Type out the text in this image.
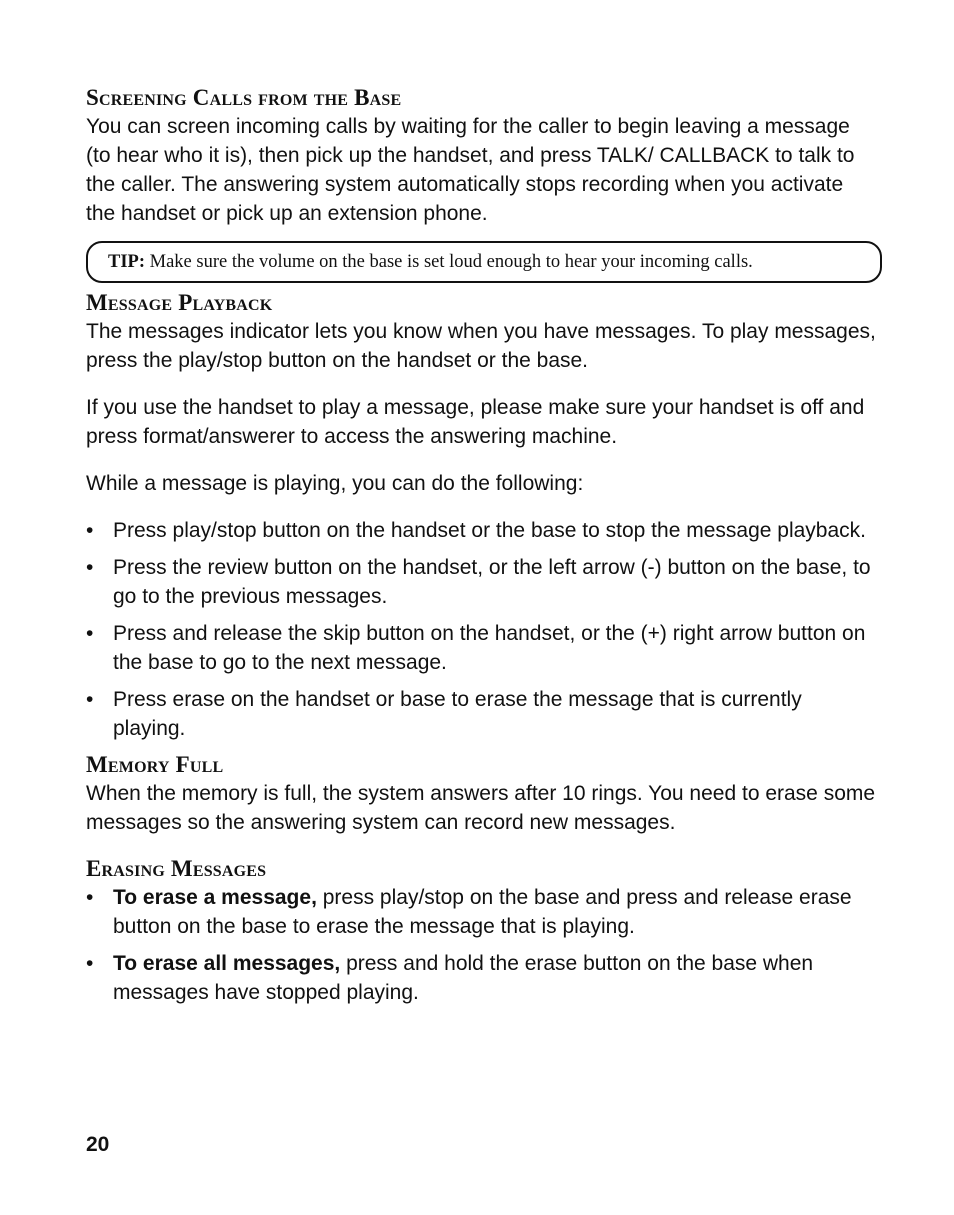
Screening Calls from the Base

You can screen incoming calls by waiting for the caller to begin leaving a message (to hear who it is), then pick up the handset, and press TALK/ CALLBACK to talk to the caller. The answering system automatically stops recording when you activate the handset or pick up an extension phone.

TIP: Make sure the volume on the base is set loud enough to hear your incoming calls.
Message Playback

The messages indicator lets you know when you have messages. To play messages, press the play/stop button on the handset or the base.

If you use the handset to play a message, please make sure your handset is off and press format/answerer to access the answering machine.

While a message is playing, you can do the following:

• Press play/stop button on the handset or the base to stop the message playback.
• Press the review button on the handset, or the left arrow (-) button on the base, to go to the previous messages.
• Press and release the skip button on the handset, or the (+) right arrow button on the base to go to the next message.
• Press erase on the handset or base to erase the message that is currently playing.
Memory Full

When the memory is full, the system answers after 10 rings. You need to erase some messages so the answering system can record new messages.

Erasing Messages
• To erase a message, press play/stop on the base and press and release erase button on the base to erase the message that is playing.
• To erase all messages, press and hold the erase button on the base when messages have stopped playing.
20
